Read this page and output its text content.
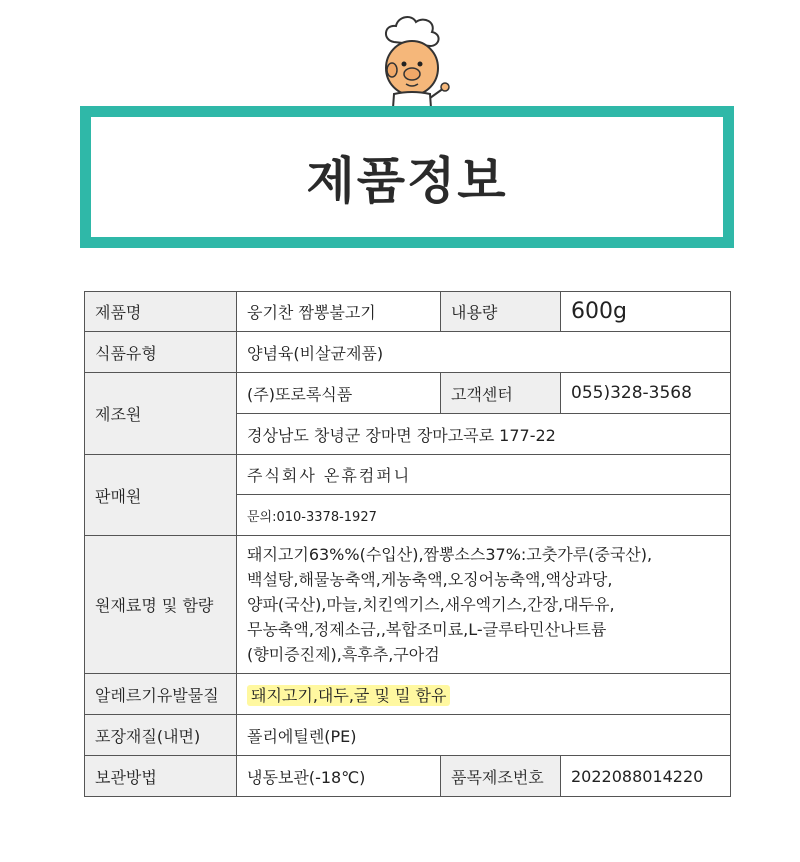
제품정보
제품명	웅기찬 짬뽕불고기	내용량	600g
식품유형	양념육(비살균제품)		
제조원	(주)또로록식품	고객센터	055)328-3568
	경상남도 창녕군 장마면 장마고곡로 177-22		
판매원	주식회사 온휴컴퍼니		
	문의:010-3378-1927		
원재료명 및 함량	돼지고기63%%(수입산),짬뽕소스37%:고춧가루(중국산),
백설탕,해물농축액,게농축액,오징어농축액,액상과당,
양파(국산),마늘,치킨엑기스,새우엑기스,간장,대두유,
무농축액,정제소금,,복합조미료,L-글루타민산나트륨
(향미증진제),흑후추,구아검		

알레르기유발물질	돼지고기,대두,굴 및 밀 함유		
포장재질(내면)	폴리에틸렌(PE)		
보관방법	냉동보관(-18℃)	품목제조번호	2022088014220
